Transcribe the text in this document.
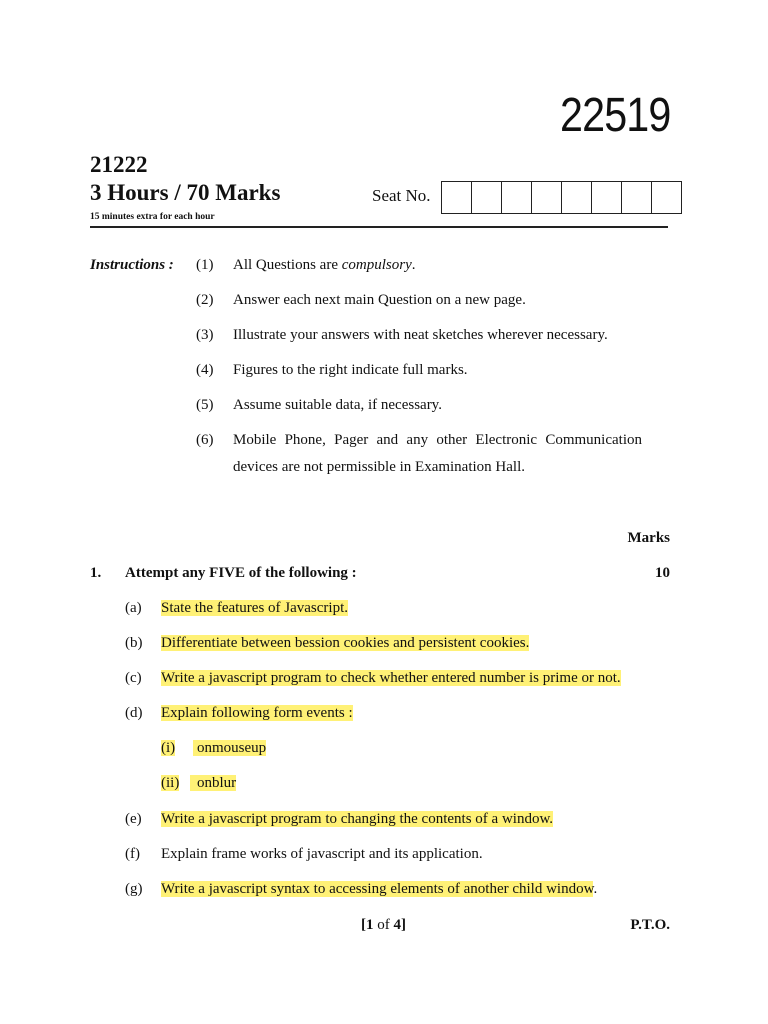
22519
21222
3 Hours / 70 Marks
15 minutes extra for each hour
Seat No.
Instructions : (1) All Questions are compulsory.
(2) Answer each next main Question on a new page.
(3) Illustrate your answers with neat sketches wherever necessary.
(4) Figures to the right indicate full marks.
(5) Assume suitable data, if necessary.
(6) Mobile Phone, Pager and any other Electronic Communication
devices are not permissible in Examination Hall.
Marks
1. Attempt any FIVE of the following :	10
(a) State the features of Javascript.
(b) Differentiate between bession cookies and persistent cookies.
(c) Write a javascript program to check whether entered number is prime or not.
(d) Explain following form events :
(i) onmouseup
(ii)	onblur
(e) Write a javascript program to changing the contents of a window.
(f) Explain frame works of javascript and its application.
(g) Write a javascript syntax to accessing elements of another child window.
[1 of 4]	P.T.O.
